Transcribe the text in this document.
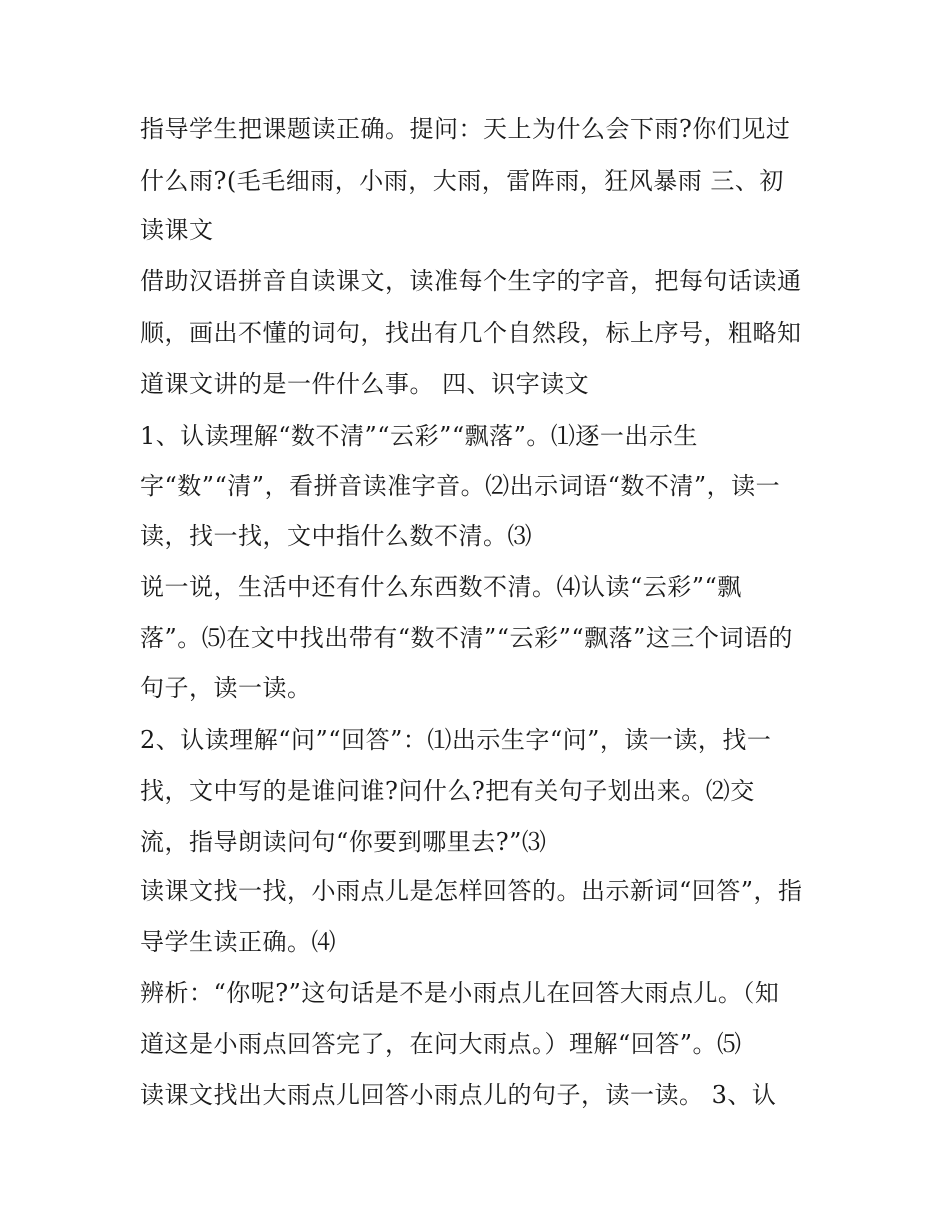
指导学生把课题读正确。提问：天上为什么会下雨?你们见过
什么雨?(毛毛细雨，小雨，大雨，雷阵雨，狂风暴雨 三、初
读课文
借助汉语拼音自读课文，读准每个生字的字音，把每句话读通
顺，画出不懂的词句，找出有几个自然段，标上序号，粗略知
道课文讲的是一件什么事。 四、识字读文
1、认读理解“数不清”“云彩”“飘落”。⑴逐一出示生
字“数”“清”，看拼音读准字音。⑵出示词语“数不清”，读一
读，找一找，文中指什么数不清。⑶
说一说，生活中还有什么东西数不清。⑷认读“云彩”“飘
落”。⑸在文中找出带有“数不清”“云彩”“飘落”这三个词语的
句子，读一读。
2、认读理解“问”“回答”：⑴出示生字“问”，读一读，找一
找，文中写的是谁问谁?问什么?把有关句子划出来。⑵交
流，指导朗读问句“你要到哪里去?”⑶
读课文找一找，小雨点儿是怎样回答的。出示新词“回答”，指
导学生读正确。⑷
辨析：“你呢?”这句话是不是小雨点儿在回答大雨点儿。（知
道这是小雨点回答完了，在问大雨点。）理解“回答”。⑸
读课文找出大雨点儿回答小雨点儿的句子，读一读。 3、认
